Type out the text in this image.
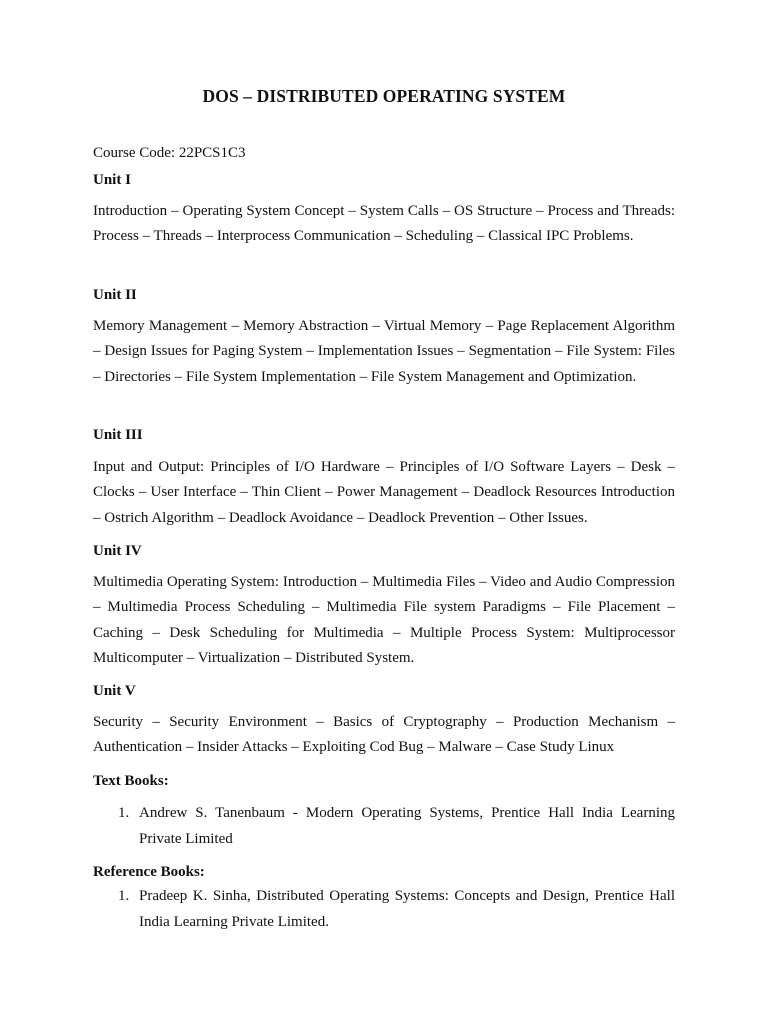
DOS – DISTRIBUTED OPERATING SYSTEM
Course Code: 22PCS1C3
Unit I

Introduction – Operating System Concept – System Calls – OS Structure – Process and Threads: Process – Threads – Interprocess Communication – Scheduling – Classical IPC Problems.

Unit II

Memory Management – Memory Abstraction – Virtual Memory – Page Replacement Algorithm – Design Issues for Paging System – Implementation Issues – Segmentation – File System: Files – Directories – File System Implementation – File System Management and Optimization.

Unit III

Input and Output: Principles of I/O Hardware – Principles of I/O Software Layers – Desk – Clocks – User Interface – Thin Client – Power Management – Deadlock Resources Introduction – Ostrich Algorithm – Deadlock Avoidance – Deadlock Prevention – Other Issues.

Unit IV

Multimedia Operating System: Introduction – Multimedia Files – Video and Audio Compression – Multimedia Process Scheduling – Multimedia File system Paradigms – File Placement – Caching – Desk Scheduling for Multimedia – Multiple Process System: Multiprocessor Multicomputer – Virtualization – Distributed System.

Unit V

Security – Security Environment – Basics of Cryptography – Production Mechanism – Authentication – Insider Attacks – Exploiting Cod Bug – Malware – Case Study Linux

Text Books:
1. Andrew S. Tanenbaum - Modern Operating Systems, Prentice Hall India Learning Private Limited
Reference Books:
1. Pradeep K. Sinha, Distributed Operating Systems: Concepts and Design, Prentice Hall India Learning Private Limited.
